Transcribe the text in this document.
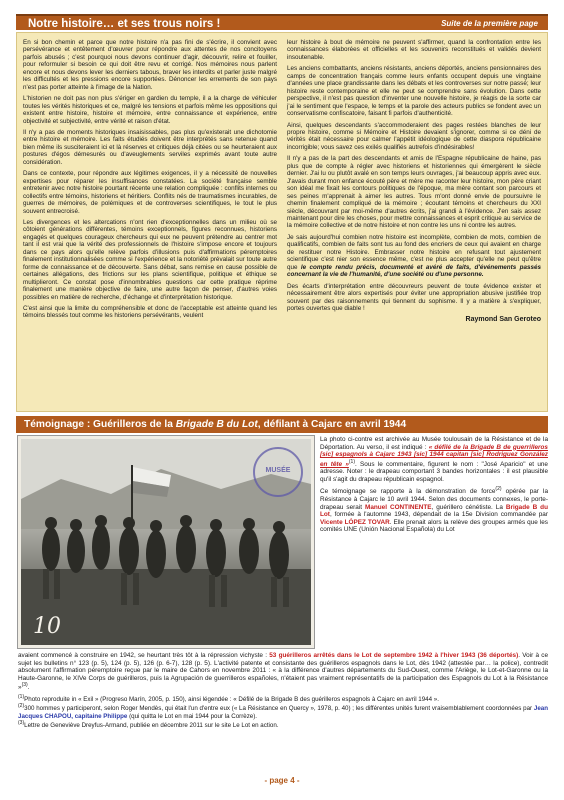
Notre histoire… et ses trous noirs !	Suite de la première page

En si bon chemin et parce que notre histoire n'a pas fini de s'écrire, il convient avec persévérance et entêtement d'œuvrer pour répondre aux attentes de nos concitoyens parfois abusés ; c'est pourquoi nous devons continuer d'agir, découvrir, relire et fouiller, pour reformuler si besoin ce qui doit être revu et corrigé. Nos mémoires nous parlent encore et nous devons lever les derniers tabous, braver les interdits et parler juste malgré les difficultés et les pressions encore supportées. Dénoncer les errements de son pays n'est pas porter atteinte à l'image de la Nation.

L'historien ne doit pas non plus s'ériger en gardien du temple, il a la charge de véhiculer toutes les vérités historiques et ce, malgré les tensions et parfois même les oppositions qui existent entre histoire, histoire et mémoire, entre connaissance et expérience, entre objectivité et subjectivité, entre vérité et raison d'état.

Il n'y a pas de moments historiques insaisissables, pas plus qu'existerait une dichotomie entre histoire et mémoire. Les faits étudiés doivent être interprétés sans retenue quand bien même ils susciteraient ici et là réserves et critiques déjà citées ou se heurteraient aux postures d'égos démesurés ou d'aveuglements serviles exprimés avant toute autre considération.

Dans ce contexte, pour répondre aux légitimes exigences, il y a nécessité de nouvelles expertises pour réparer les insuffisances constatées. La société française semble entretenir avec notre histoire pourtant récente une relation compliquée : conflits internes ou collectifs entre témoins, historiens et héritiers. Conflits nés de traumatismes incurables, de guerres de mémoires, de polémiques et de controverses scientifiques, le tout le plus souvent entrecroisé.

Les divergences et les altercations n'ont rien d'exceptionnelles dans un milieu où se côtoient générations différentes, témoins exceptionnels, figures reconnues, historiens engagés et quelques courageux chercheurs qui eux ne peuvent prétendre au centrer mot tant il est vrai que la vérité des professionnels de l'histoire s'impose encore et toujours dans ce pays alors qu'elle relève parfois d'illusions puis d'affirmations péremptoires finalement institutionnalisées comme si l'expérience et la notoriété prévalait sur toute autre forme de connaissance et de découverte. Sans débat, sans remise en cause possible de certaines allégations, des frictions sur les plans scientifique, politique et éthique se multiplieront. Ce constat pose d'innombrables questions car cette pratique réprime finalement une manière objective de faire, une autre façon de penser, d'autres voies possibles en matière de recherche, d'échange et d'interprétation historique.

C'est ainsi que la limite du compréhensible et donc de l'acceptable est atteinte quand les témoins blessés tout comme les historiens persévérants, veulent

leur histoire à bout de mémoire ne peuvent s'affirmer, quand la confrontation entre les connaissances élaborées et officielles et les souvenirs reconstitués et validés devient insoutenable.

Les anciens combattants, anciens résistants, anciens déportés, anciens pensionnaires des camps de concentration français comme leurs enfants occupent depuis une vingtaine d'années une place grandissante dans les débats et les controverses sur notre passé; leur histoire reste contemporaine et elle ne peut se comprendre sans évolution. Dans cette perspective, il n'est pas question d'inventer une nouvelle histoire, je réagis de la sorte car j'ai le sentiment que l'espace, le temps et la parole des acteurs publics se fondent avec un conservatisme confiscatoire, faisant fi parfois d'authenticité.

Ainsi, quelques descendants s'accommoderaient des pages restées blanches de leur propre histoire, comme si Mémoire et Histoire devaient s'ignorer, comme si ce déni de vérités était nécessaire pour calmer l'appétit idéologique de cette diaspora républicaine incorrigible; vous savez ces exilés qualifiés autrefois d'indésirables!

Il n'y a pas de la part des descendants et amis de l'Espagne républicaine de haine, pas plus que de compte à régler avec historiens et historiennes qui émergèrent le siècle dernier. J'ai lu ou plutôt avalé en son temps leurs ouvrages, j'ai beaucoup appris avec eux. J'avais durant mon enfance écouté père et mère me raconter leur histoire, mon père criant son idéal me fixait les contours politiques de l'époque, ma mère contant son parcours et ses peines m'apprenait à aimer les autres. Tous m'ont donné envie de poursuivre le chemin finalement compliqué de la mémoire ; écoutant témoins et chercheurs du XXI siècle, découvrant par moi-même d'autres écrits, j'ai grandi à l'évidence. J'en sais assez maintenant pour dire les choses, pour mettre connaissances et esprit critique au service de la mémoire collective et de notre histoire et non contre les uns ni contre les autres.

Je sais aujourd'hui combien notre histoire est incomplète, combien de mots, combien de qualificatifs, combien de faits sont tus au fond des encriers de ceux qui avaient en charge de restituer notre Histoire. Embrasser notre histoire en refusant tout ajustement scientifique c'est nier son essence même, c'est ne plus accepter qu'elle ne peut qu'être que le compte rendu précis, documenté et avéré de faits, d'événements passés concernant la vie de l'humanité, d'une société ou d'une personne.

Des écarts d'interprétation entre découvreurs peuvent de toute évidence exister et nécessairement être alors expertisés pour éviter une appropriation abusive justifiée trop souvent par des raisonnements qui tiennent du sophisme. Il y a matière à s'expliquer, portes ouvertes que diable !

Raymond San Geroteo
Témoignage : Guérilleros de la Brigade B du Lot, défilant à Cajarc en avril 1944
MUSÉE
10

La photo ci-contre est archivée au Musée toulousain de la Résistance et de la Déportation. Au verso, il est indiqué : « défilé de la Brigade B de guerrilleros [sic] espagnols à Cajarc 1943 [sic] 1944 capitan [sic] Rodriguez González en tête »$^{(1)}$. Sous le commentaire, figurent le nom : "José Aparicio" et une adresse. Noter : le drapeau comportant 3 bandes horizontales : il est plausible qu'il s'agit du drapeau républicain espagnol.

Ce témoignage se rapporte à la démonstration de force$^{(2)}$ opérée par la Résistance à Cajarc le 10 avril 1944. Selon des documents connexes, le porte-drapeau serait Manuel CONTINENTE, guérillero cénétiste. La Brigade B du Lot, formée à l'automne 1943, dépendait de la 15e Division commandée par Vicente LÓPEZ TOVAR. Elle prenait alors la relève des groupes armés que les comités UNE (Unión Nacional Española) du Lot

avaient commencé à construire en 1942, se heurtant très tôt à la répression vichyste : 53 guérilleros arrêtés dans le Lot de septembre 1942 à l'hiver 1943 (36 déportés). Voir à ce sujet les bulletins n° 123 (p. 5), 124 (p. 5), 126 (p. 6-7), 128 (p. 5). L'activité patente et consistante des guérilleros espagnols dans le Lot, dès 1942 (attestée par… la police), contredit absolument l'affirmation péremptoire reçue par le maire de Cahors en novembre 2011 : « à la différence d'autres départements du Sud-Ouest, comme l'Ariège, le Lot-et-Garonne ou la Haute-Garonne, le XIVe Corps de guérilleros, puis la Agrupación de guerrilleros españoles, n'étaient pas vraiment représentatifs de la participation des Espagnols du Lot à la Résistance »$^{(3)}$.

$^{(1)}$Photo reproduite in « Exil » (Progreso Marín, 2005, p. 150), ainsi légendée : « Défilé de la Brigade B des guérilleros espagnols à Cajarc en avril 1944 ».

$^{(2)}$300 hommes y participeront, selon Roger Mendès, qui était l'un d'entre eux (« La Résistance en Quercy », 1978, p. 40) ; les différentes unités furent vraisemblablement coordonnées par Jean Jacques CHAPOU, capitaine Philippe (qui quitta le Lot en mai 1944 pour la Corrèze).

$^{(3)}$Lettre de Geneviève Dreyfus-Armand, publiée en décembre 2011 sur le site Le Lot en action.

- page 4 -
